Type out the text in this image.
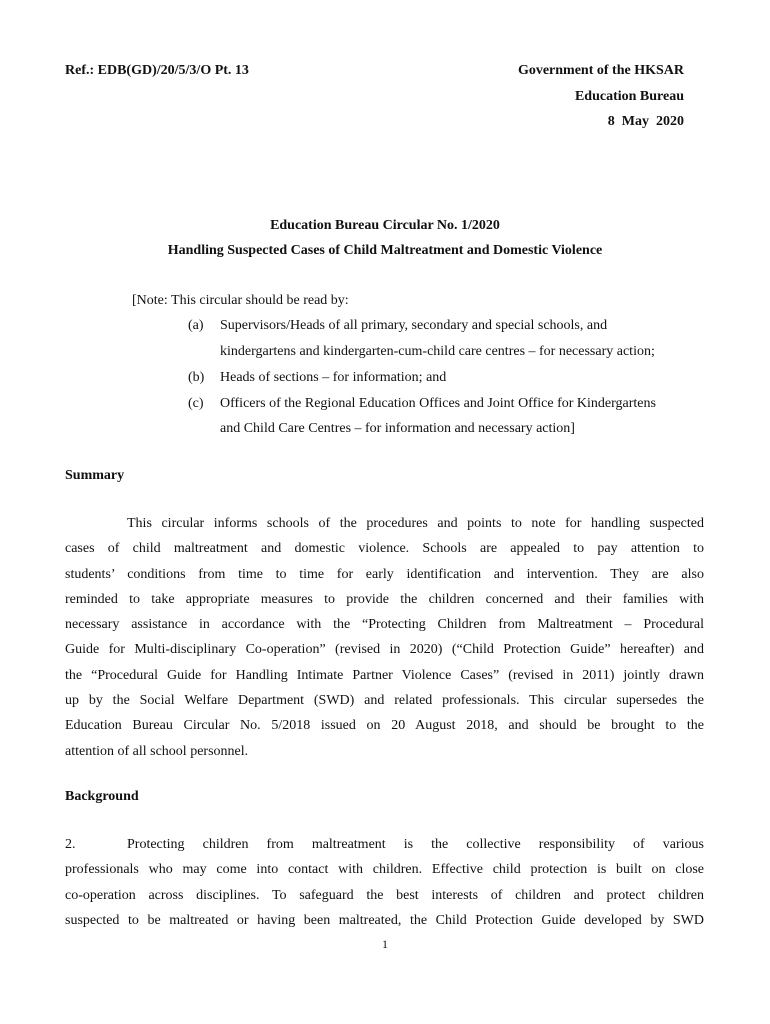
Ref.: EDB(GD)/20/5/3/O Pt. 13	Government of the HKSAR
Education Bureau
8  May  2020
Education Bureau Circular No. 1/2020
Handling Suspected Cases of Child Maltreatment and Domestic Violence
[Note: This circular should be read by:
(a) Supervisors/Heads of all primary, secondary and special schools, and
kindergartens and kindergarten-cum-child care centres – for necessary action;
(b) Heads of sections – for information; and
(c) Officers of the Regional Education Offices and Joint Office for Kindergartens
and Child Care Centres – for information and necessary action]
Summary
This circular informs schools of the procedures and points to note for handling suspected
cases of child maltreatment and domestic violence. Schools are appealed to pay attention to
students’ conditions from time to time for early identification and intervention. They are also
reminded to take appropriate measures to provide the children concerned and their families with
necessary assistance in accordance with the “Protecting Children from Maltreatment – Procedural
Guide for Multi-disciplinary Co-operation” (revised in 2020) (“Child Protection Guide” hereafter) and
the “Procedural Guide for Handling Intimate Partner Violence Cases” (revised in 2011) jointly drawn
up by the Social Welfare Department (SWD) and related professionals. This circular supersedes the
Education Bureau Circular No. 5/2018 issued on 20 August 2018, and should be brought to the
attention of all school personnel.
Background
2.	Protecting children from maltreatment is the collective responsibility of various
professionals who may come into contact with children. Effective child protection is built on close
co-operation across disciplines. To safeguard the best interests of children and protect children
suspected to be maltreated or having been maltreated, the Child Protection Guide developed by SWD
1
